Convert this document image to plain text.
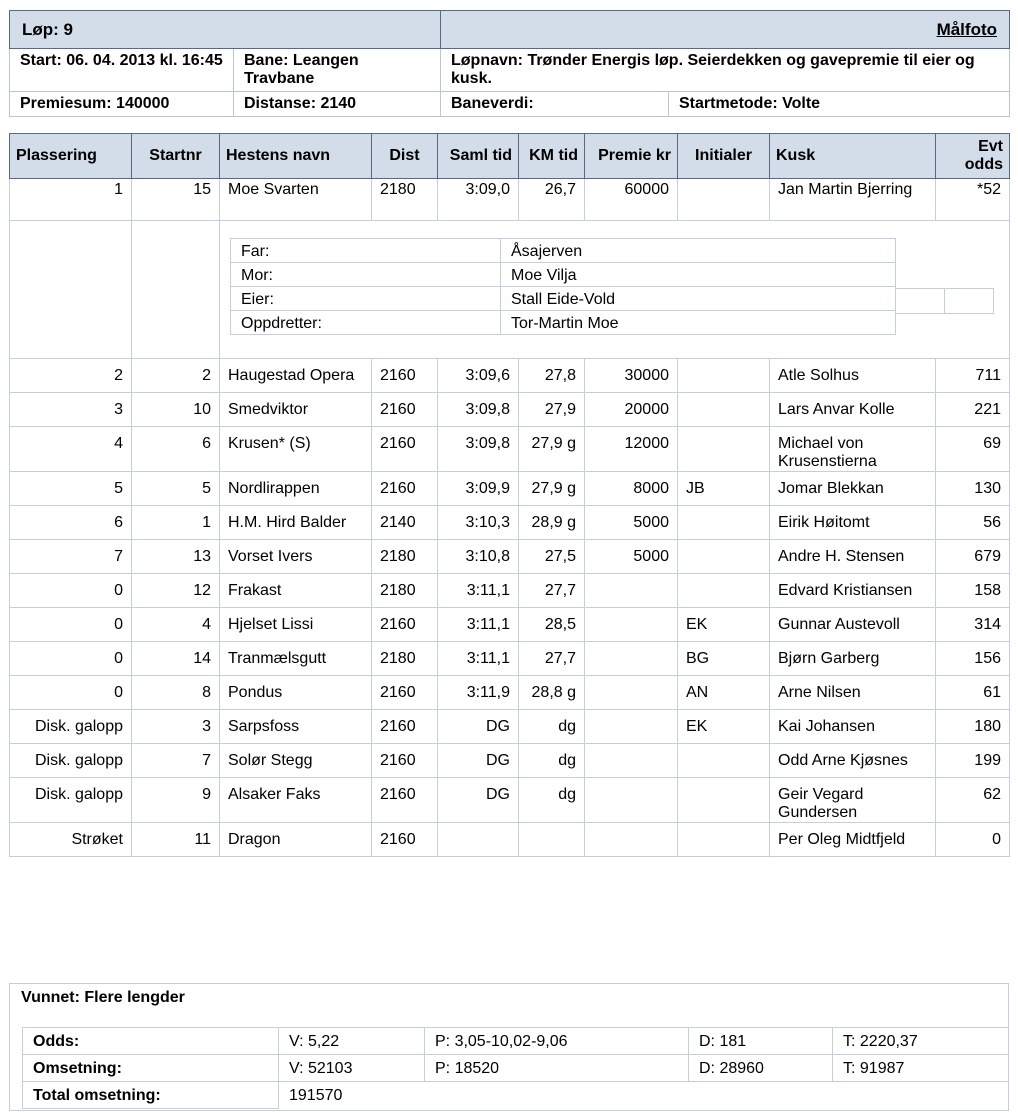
Løp: 9		Målfoto	
Start: 06. 04. 2013 kl. 16:45	Bane: Leangen Travbane	Løpnavn: Trønder Energis løp. Seierdekken og gavepremie til eier og kusk.	
Premiesum: 140000	Distanse: 2140	Baneverdi:	Startmetode: Volte
Plassering	Startnr	Hestens navn	Dist	Saml tid	KM tid	Premie kr	Initialer	Kusk	Evt odds
1	15	Moe Svarten	2180	3:09,0	26,7	60000		Jan Martin Bjerring	*52

Far:	Åsajerven
Mor:	Moe Vilja
Eier:	Stall Eide-Vold
Oppdretter:	Tor-Martin Moe

2	2	Haugestad Opera	2160	3:09,6	27,8	30000		Atle Solhus	711
3	10	Smedviktor	2160	3:09,8	27,9	20000		Lars Anvar Kolle	221
4	6	Krusen* (S)	2160	3:09,8	27,9 g	12000		Michael von Krusenstierna	69
5	5	Nordlirappen	2160	3:09,9	27,9 g	8000	JB	Jomar Blekkan	130
6	1	H.M. Hird Balder	2140	3:10,3	28,9 g	5000		Eirik Høitomt	56
7	13	Vorset Ivers	2180	3:10,8	27,5	5000		Andre H. Stensen	679
0	12	Frakast	2180	3:11,1	27,7			Edvard Kristiansen	158
0	4	Hjelset Lissi	2160	3:11,1	28,5		EK	Gunnar Austevoll	314
0	14	Tranmælsgutt	2180	3:11,1	27,7		BG	Bjørn Garberg	156
0	8	Pondus	2160	3:11,9	28,8 g		AN	Arne Nilsen	61
Disk. galopp	3	Sarpsfoss	2160	DG	dg		EK	Kai Johansen	180
Disk. galopp	7	Solør Stegg	2160	DG	dg			Odd Arne Kjøsnes	199
Disk. galopp	9	Alsaker Faks	2160	DG	dg			Geir Vegard Gundersen	62
Strøket	11	Dragon	2160					Per Oleg Midtfjeld	0
Vunnet: Flere lengder
Odds:	V: 5,22	P: 3,05-10,02-9,06	D: 181	T: 2220,37
Omsetning:	V: 52103	P: 18520	D: 28960	T: 91987
Total omsetning:	191570			
